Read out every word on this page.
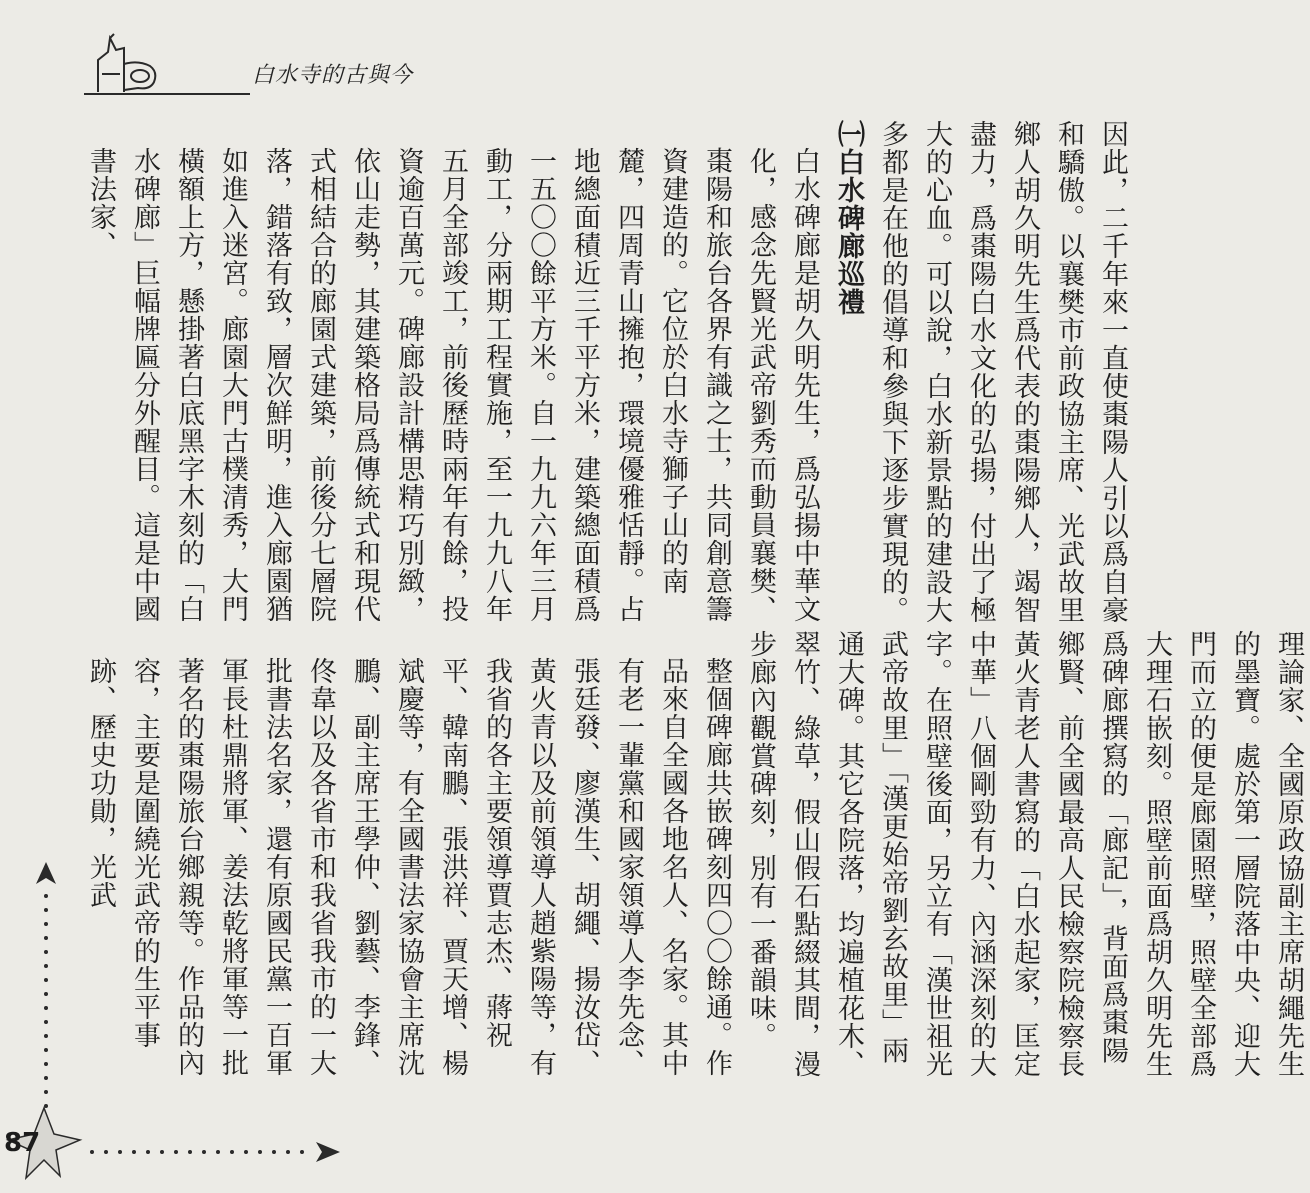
白水寺的古與今
因此，二千年來一直使棗陽人引以爲自豪和驕傲。以襄樊市前政協主席、光武故里鄉人胡久明先生爲代表的棗陽鄉人，竭智盡力，爲棗陽白水文化的弘揚，付出了極大的心血。可以說，白水新景點的建設大多都是在他的倡導和參與下逐步實現的。
㈠白水碑廊巡禮
白水碑廊是胡久明先生，爲弘揚中華文化，感念先賢光武帝劉秀而動員襄樊、棗陽和旅台各界有識之士，共同創意籌資建造的。它位於白水寺獅子山的南麓，四周青山擁抱，環境優雅恬靜。占地總面積近三千平方米，建築總面積爲一五〇〇餘平方米。自一九九六年三月動工，分兩期工程實施，至一九九八年五月全部竣工，前後歷時兩年有餘，投資逾百萬元。碑廊設計構思精巧別緻，依山走勢，其建築格局爲傳統式和現代式相結合的廊園式建築，前後分七層院落，錯落有致，層次鮮明，進入廊園猶如進入迷宮。廊園大門古樸清秀，大門橫額上方，懸掛著白底黑字木刻的「白水碑廊」巨幅牌匾分外醒目。這是中國書法家、
理論家、全國原政協副主席胡繩先生的墨寶。處於第一層院落中央、迎大門而立的便是廊園照壁，照壁全部爲大理石嵌刻。照壁前面爲胡久明先生爲碑廊撰寫的「廊記」，背面爲棗陽鄉賢、前全國最高人民檢察院檢察長黃火青老人書寫的「白水起家，匡定中華」八個剛勁有力、內涵深刻的大字。在照壁後面，另立有「漢世祖光武帝故里」「漢更始帝劉玄故里」兩通大碑。其它各院落，均遍植花木、翠竹、綠草，假山假石點綴其間，漫步廊內觀賞碑刻，別有一番韻味。
整個碑廊共嵌碑刻四〇〇餘通。作品來自全國各地名人、名家。其中有老一輩黨和國家領導人李先念、張廷發、廖漢生、胡繩、揚汝岱、黃火青以及前領導人趙紫陽等，有我省的各主要領導賈志杰、蔣祝平、韓南鵬、張洪祥、賈天增、楊斌慶等，有全國書法家協會主席沈鵬、副主席王學仲、劉藝、李鋒、佟韋以及各省市和我省我市的一大批書法名家，還有原國民黨一百軍軍長杜鼎將軍、姜法乾將軍等一批著名的棗陽旅台鄉親等。作品的內容，主要是圍繞光武帝的生平事跡、歷史功勛，光武
87
